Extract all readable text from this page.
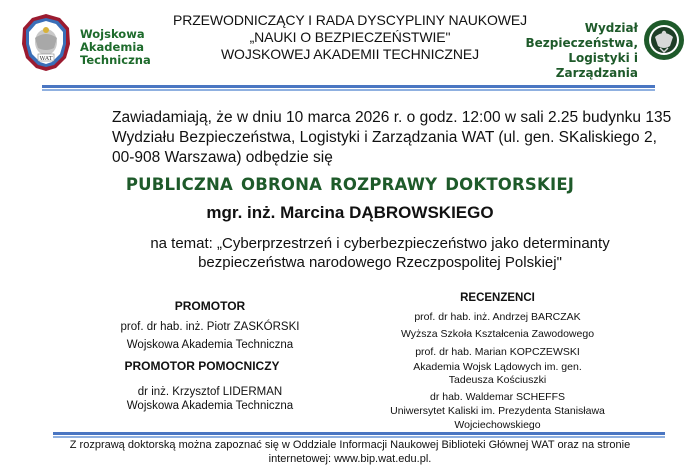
WAT
Wojskowa
Akademia
Techniczna
PRZEWODNICZĄCY I RADA DYSCYPLINY NAUKOWEJ
„NAUKI O BEZPIECZEŃSTWIE"
WOJSKOWEJ AKADEMII TECHNICZNEJ
Wydział
Bezpieczeństwa,
Logistyki i Zarządzania
Zawiadamiają, że w dniu 10 marca 2026 r. o godz. 12:00 w sali 2.25 budynku 135
Wydziału Bezpieczeństwa, Logistyki i Zarządzania WAT (ul. gen. SKaliskiego 2,
00-908 Warszawa) odbędzie się
PUBLICZNA OBRONA ROZPRAWY DOKTORSKIEJ
mgr. inż. Marcina DĄBROWSKIEGO
na temat: „Cyberprzestrzeń i cyberbezpieczeństwo jako determinanty
bezpieczeństwa narodowego Rzeczpospolitej Polskiej"
PROMOTOR
prof. dr hab. inż. Piotr ZASKÓRSKI
Wojskowa Akademia Techniczna
PROMOTOR POMOCNICZY
dr inż. Krzysztof LIDERMAN
Wojskowa Akademia Techniczna
RECENZENCI
prof. dr hab. inż. Andrzej BARCZAK
Wyższa Szkoła Kształcenia Zawodowego
prof. dr hab. Marian KOPCZEWSKI
Akademia Wojsk Lądowych im. gen.
Tadeusza Kościuszki
dr hab. Waldemar SCHEFFS
Uniwersytet Kaliski im. Prezydenta Stanisława
Wojciechowskiego
Z rozprawą doktorską można zapoznać się w Oddziale Informacji Naukowej Biblioteki Głównej WAT oraz na stronie
internetowej: www.bip.wat.edu.pl.
